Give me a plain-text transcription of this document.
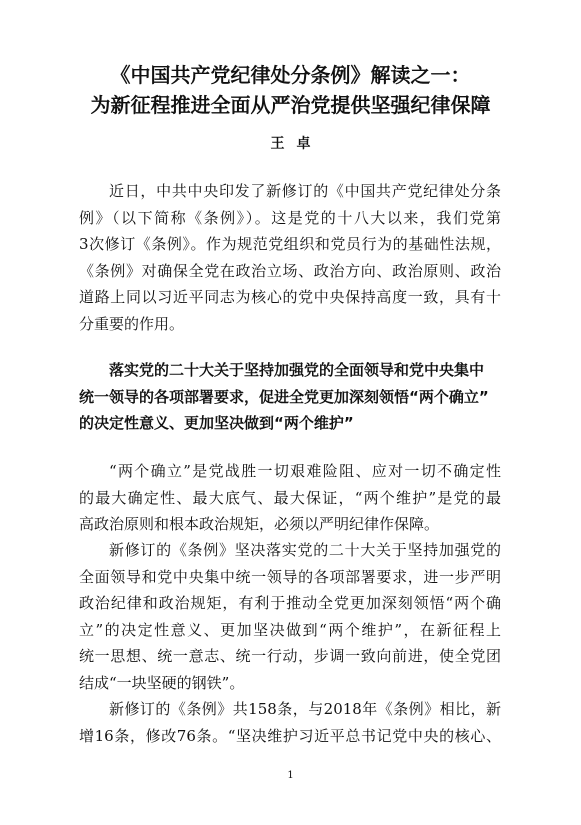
《中国共产党纪律处分条例》解读之一：
为新征程推进全面从严治党提供坚强纪律保障
王卓
近日，中共中央印发了新修订的《中国共产党纪律处分条
例》（以下简称《条例》）。这是党的十八大以来，我们党第
3次修订《条例》。作为规范党组织和党员行为的基础性法规，
《条例》对确保全党在政治立场、政治方向、政治原则、政治
道路上同以习近平同志为核心的党中央保持高度一致，具有十
分重要的作用。
落实党的二十大关于坚持加强党的全面领导和党中央集中
统一领导的各项部署要求，促进全党更加深刻领悟“两个确立”
的决定性意义、更加坚决做到“两个维护”
“两个确立”是党战胜一切艰难险阻、应对一切不确定性
的最大确定性、最大底气、最大保证，“两个维护”是党的最
高政治原则和根本政治规矩，必须以严明纪律作保障。
新修订的《条例》坚决落实党的二十大关于坚持加强党的
全面领导和党中央集中统一领导的各项部署要求，进一步严明
政治纪律和政治规矩，有利于推动全党更加深刻领悟“两个确
立”的决定性意义、更加坚决做到“两个维护”，在新征程上
统一思想、统一意志、统一行动，步调一致向前进，使全党团
结成“一块坚硬的钢铁”。
新修订的《条例》共158条，与2018年《条例》相比，新
增16条，修改76条。“坚决维护习近平总书记党中央的核心、
1
